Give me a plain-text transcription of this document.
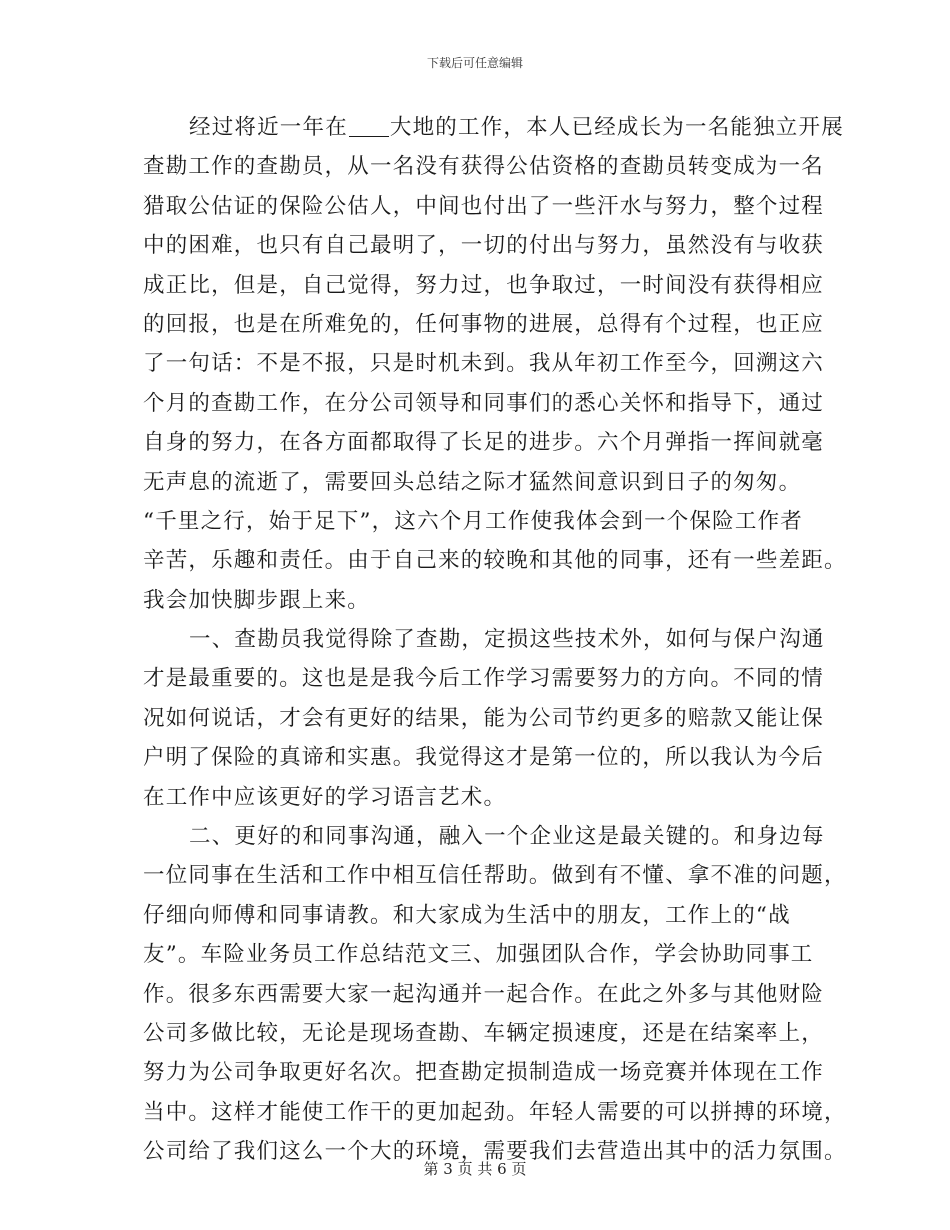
下载后可任意编辑
经过将近一年在 大地的工作，本人已经成长为一名能独立开展
查勘工作的查勘员，从一名没有获得公估资格的查勘员转变成为一名
猎取公估证的保险公估人，中间也付出了一些汗水与努力，整个过程
中的困难，也只有自己最明了，一切的付出与努力，虽然没有与收获
成正比，但是，自己觉得，努力过，也争取过，一时间没有获得相应
的回报，也是在所难免的，任何事物的进展，总得有个过程，也正应
了一句话：不是不报，只是时机未到。我从年初工作至今，回溯这六
个月的查勘工作，在分公司领导和同事们的悉心关怀和指导下，通过
自身的努力，在各方面都取得了长足的进步。六个月弹指一挥间就毫
无声息的流逝了，需要回头总结之际才猛然间意识到日子的匆匆。
“千里之行，始于足下”，这六个月工作使我体会到一个保险工作者
辛苦，乐趣和责任。由于自己来的较晚和其他的同事，还有一些差距。
我会加快脚步跟上来。
一、查勘员我觉得除了查勘，定损这些技术外，如何与保户沟通
才是最重要的。这也是是我今后工作学习需要努力的方向。不同的情
况如何说话，才会有更好的结果，能为公司节约更多的赔款又能让保
户明了保险的真谛和实惠。我觉得这才是第一位的，所以我认为今后
在工作中应该更好的学习语言艺术。
二、更好的和同事沟通，融入一个企业这是最关键的。和身边每
一位同事在生活和工作中相互信任帮助。做到有不懂、拿不准的问题，
仔细向师傅和同事请教。和大家成为生活中的朋友，工作上的“战
友”。车险业务员工作总结范文三、加强团队合作，学会协助同事工
作。很多东西需要大家一起沟通并一起合作。在此之外多与其他财险
公司多做比较，无论是现场查勘、车辆定损速度，还是在结案率上，
努力为公司争取更好名次。把查勘定损制造成一场竞赛并体现在工作
当中。这样才能使工作干的更加起劲。年轻人需要的可以拼搏的环境，
公司给了我们这么一个大的环境，需要我们去营造出其中的活力氛围。
第 3 页 共 6 页
